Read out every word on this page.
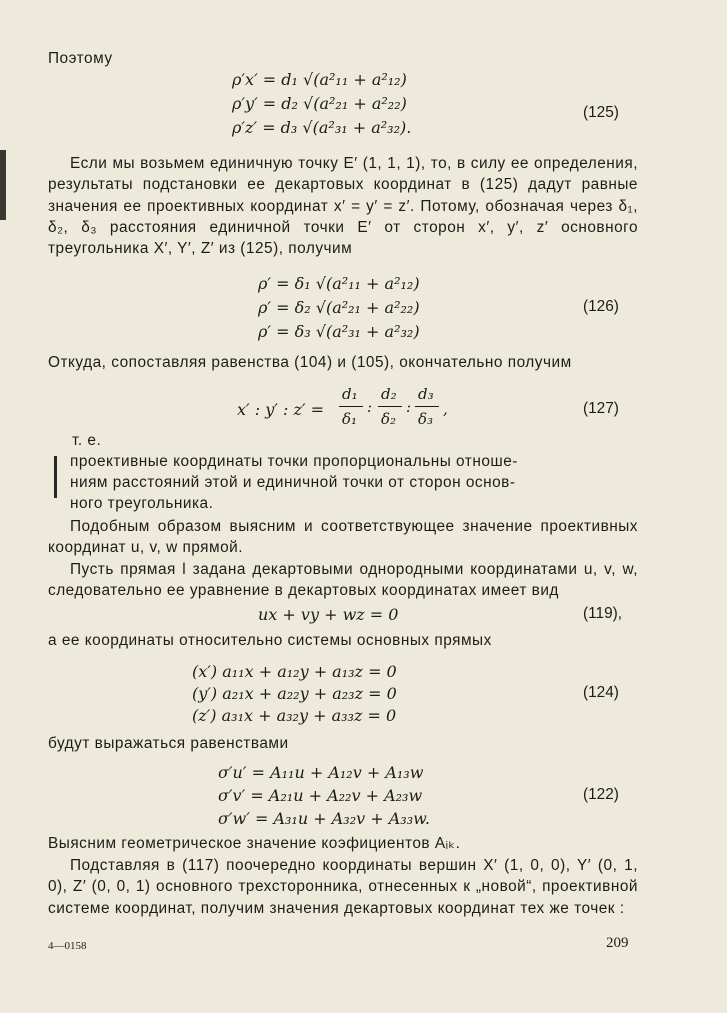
Поэтому
ρ′x′ = d₁ √(a²₁₁ + a²₁₂)
ρ′y′ = d₂ √(a²₂₁ + a²₂₂)
ρ′z′ = d₃ √(a²₃₁ + a²₃₂).
(125)
Если мы возьмем единичную точку E′ (1, 1, 1), то, в силу ее определения, результаты подстановки ее декартовых координат в (125) дадут равные значения ее проективных координат x′ = y′ = z′. Потому, обозначая через δ₁, δ₂, δ₃ расстояния единичной точки E′ от сторон x′, y′, z′ основного треугольника X′, Y′, Z′ из (125), получим
ρ′ = δ₁ √(a²₁₁ + a²₁₂)
ρ′ = δ₂ √(a²₂₁ + a²₂₂)
ρ′ = δ₃ √(a²₃₁ + a²₃₂)
(126)
Откуда, сопоставляя равенства (104) и (105), окончательно получим
x′ : y′ : z′ =
d₁
δ₁
:
d₂
δ₂
:
d₃
δ₃
,	(127)
т. е.
проективные координаты точки пропорциональны отноше-
ниям расстояний этой и единичной точки от сторон основ-
ного треугольника.
Подобным образом выясним и соответствующее значение проективных координат u, v, w прямой.
Пусть прямая l задана декартовыми однородными координатами u, v, w, следовательно ее уравнение в декартовых координатах имеет вид
ux + vy + wz = 0	(119),
а ее координаты относительно системы основных прямых
(x′) a₁₁x + a₁₂y + a₁₃z = 0
(y′) a₂₁x + a₂₂y + a₂₃z = 0
(z′) a₃₁x + a₃₂y + a₃₃z = 0
(124)
будут выражаться равенствами
σ′u′ = A₁₁u + A₁₂v + A₁₃w
σ′v′ = A₂₁u + A₂₂v + A₂₃w
σ′w′ = A₃₁u + A₃₂v + A₃₃w.
(122)
Выясним геометрическое значение коэфициентов Aᵢₖ.
Подставляя в (117) поочередно координаты вершин X′ (1, 0, 0), Y′ (0, 1, 0), Z′ (0, 0, 1) основного трехсторонника, отнесенных к „новой“, проективной системе координат, получим значения декартовых координат тех же точек :
4—0158	209
